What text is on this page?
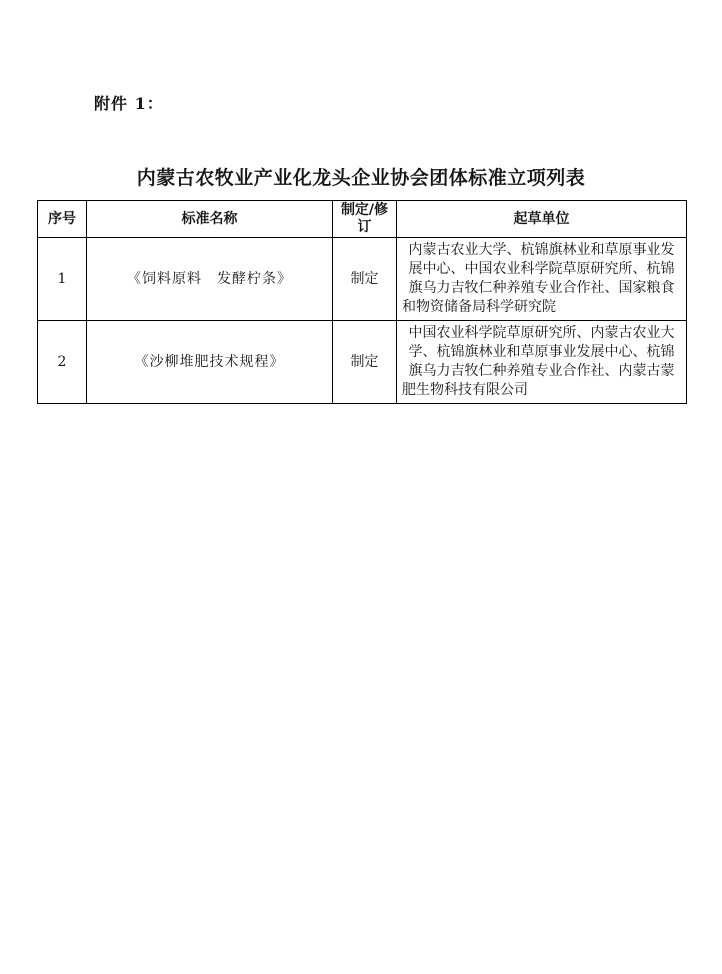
附件 1：
内蒙古农牧业产业化龙头企业协会团体标准立项列表
序号	标准名称	制定/修订	起草单位
1	《饲料原料　发酵柠条》	制定	内蒙古农业大学、杭锦旗林业和草原事业发展中心、中国农业科学院草原研究所、杭锦旗乌力吉牧仁种养殖专业合作社、国家粮食和物资储备局科学研究院
2	《沙柳堆肥技术规程》	制定	中国农业科学院草原研究所、内蒙古农业大学、杭锦旗林业和草原事业发展中心、杭锦旗乌力吉牧仁种养殖专业合作社、内蒙古蒙肥生物科技有限公司
